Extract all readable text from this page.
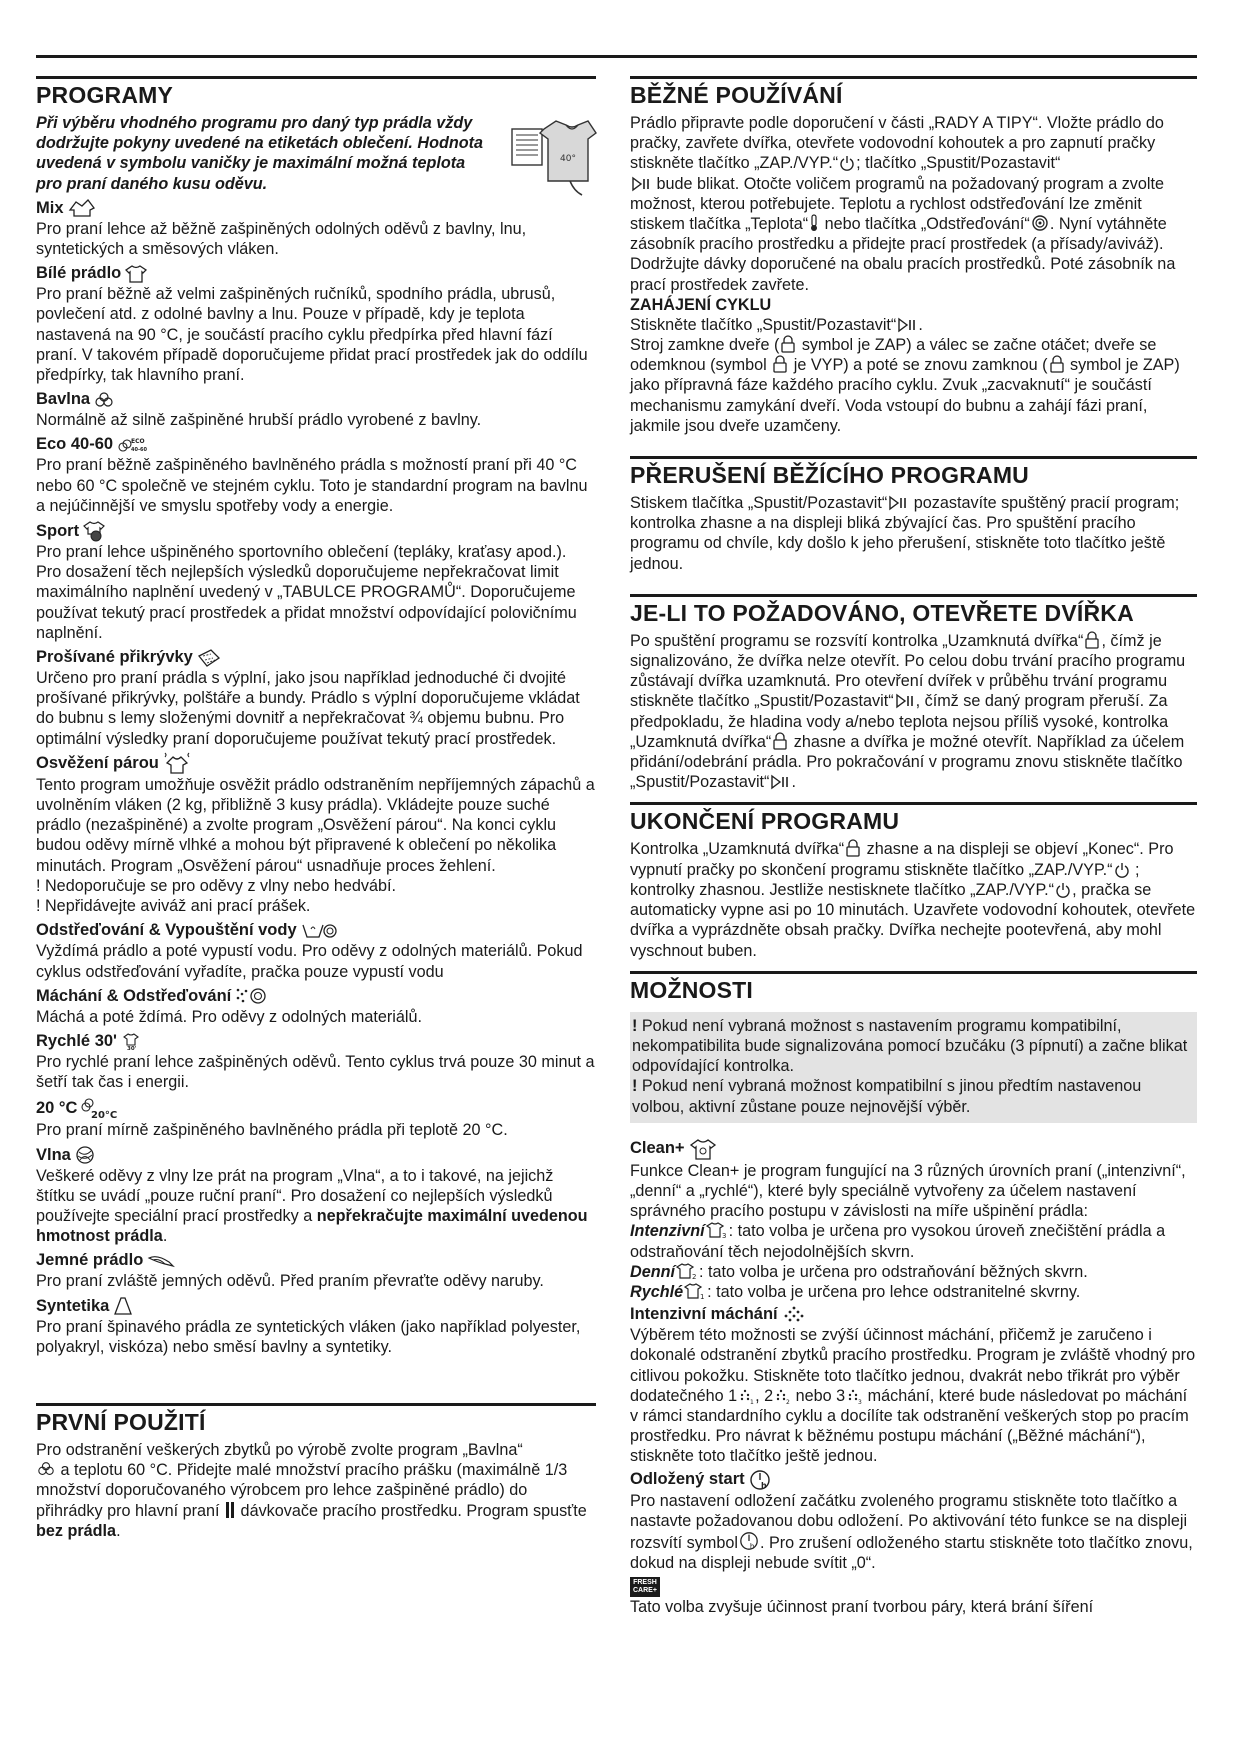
PROGRAMY

Při výběru vhodného programu pro daný typ prádla vždy dodržujte pokyny uvedené na etiketách oblečení. Hodnota uvedená v symbolu vaničky je maximální možná teplota pro praní daného kusu oděvu.

40°
Mix

Pro praní lehce až běžně zašpiněných odolných oděvů z bavlny, lnu, syntetických a směsových vláken.

Bílé prádlo

Pro praní běžně až velmi zašpiněných ručníků, spodního prádla, ubrusů, povlečení atd. z odolné bavlny a lnu. Pouze v případě, kdy je teplota nastavená na 90 °C, je součástí pracího cyklu předpírka před hlavní fází praní. V takovém případě doporučujeme přidat prací prostředek jak do oddílu předpírky, tak hlavního praní.

Bavlna

Normálně až silně zašpiněné hrubší prádlo vyrobené z bavlny.

Eco 40-60	ECO
40-60

Pro praní běžně zašpiněného bavlněného prádla s možností praní při 40 °C nebo 60 °C společně ve stejném cyklu. Toto je standardní program na bavlnu a nejúčinnější ve smyslu spotřeby vody a energie.

Sport

Pro praní lehce ušpiněného sportovního oblečení (tepláky, kraťasy apod.). Pro dosažení těch nejlepších výsledků doporučujeme nepřekračovat limit maximálního naplnění uvedený v „TABULCE PROGRAMŮ“. Doporučujeme používat tekutý prací prostředek a přidat množství odpovídající polovičnímu naplnění.

Prošívané přikrývky

Určeno pro praní prádla s výplní, jako jsou například jednoduché či dvojité prošívané přikrývky, polštáře a bundy. Prádlo s výplní doporučujeme vkládat do bubnu s lemy složenými dovnitř a nepřekračovat ¾ objemu bubnu. Pro optimální výsledky praní doporučujeme používat tekutý prací prostředek.

Osvěžení párou

Tento program umožňuje osvěžit prádlo odstraněním nepříjemných zápachů a uvolněním vláken (2 kg, přibližně 3 kusy prádla). Vkládejte pouze suché prádlo (nezašpiněné) a zvolte program „Osvěžení párou“. Na konci cyklu budou oděvy mírně vlhké a mohou být připravené k oblečení po několika minutách. Program „Osvěžení párou“ usnadňuje proces žehlení.

! Nedoporučuje se pro oděvy z vlny nebo hedvábí.

! Nepřidávejte aviváž ani prací prášek.

Odstřeďování & Vypouštění vody

Vyždímá prádlo a poté vypustí vodu. Pro oděvy z odolných materiálů. Pokud cyklus odstřeďování vyřadíte, pračka pouze vypustí vodu

Máchání & Odstřeďování

Máchá a poté ždímá. Pro oděvy z odolných materiálů.

Rychlé 30' 30'

Pro rychlé praní lehce zašpiněných oděvů. Tento cyklus trvá pouze 30 minut a šetří tak čas i energii.

20 °C 20°C

Pro praní mírně zašpiněného bavlněného prádla při teplotě 20 °C.

Vlna

Veškeré oděvy z vlny lze prát na program „Vlna“, a to i takové, na jejichž štítku se uvádí „pouze ruční praní“. Pro dosažení co nejlepších výsledků používejte speciální prací prostředky a nepřekračujte maximální uvedenou hmotnost prádla.

Jemné prádlo

Pro praní zvláště jemných oděvů. Před praním převraťte oděvy naruby.

Syntetika

Pro praní špinavého prádla ze syntetických vláken (jako například polyester, polyakryl, viskóza) nebo směsí bavlny a syntetiky.

PRVNÍ POUŽITÍ

Pro odstranění veškerých zbytků po výrobě zvolte program „Bavlna“
a teplotu 60 °C. Přidejte malé množství pracího prášku (maximálně 1/3 množství doporučovaného výrobcem pro lehce zašpiněné prádlo) do přihrádky pro hlavní praní  dávkovače pracího prostředku. Program spusťte bez prádla.

BĚŽNÉ POUŽÍVÁNÍ

Prádlo připravte podle doporučení v části „RADY A TIPY“. Vložte prádlo do pračky, zavřete dvířka, otevřete vodovodní kohoutek a pro zapnutí pračky stiskněte tlačítko „ZAP./VYP.“ ; tlačítko „Spustit/Pozastavit“
bude blikat. Otočte voličem programů na požadovaný program a zvolte možnost, kterou potřebujete. Teplotu a rychlost odstřeďování lze změnit stiskem tlačítka „Teplota“ nebo tlačítka „Odstřeďování“ . Nyní vytáhněte zásobník pracího prostředku a přidejte prací prostředek (a přísady/aviváž). Dodržujte dávky doporučené na obalu pracích prostředků. Poté zásobník na prací prostředek zavřete.

ZAHÁJENÍ CYKLU

Stiskněte tlačítko „Spustit/Pozastavit“ .

Stroj zamkne dveře ( symbol je ZAP) a válec se začne otáčet; dveře se odemknou (symbol  je VYP) a poté se znovu zamknou ( symbol je ZAP) jako přípravná fáze každého pracího cyklu. Zvuk „zacvaknutí“ je součástí mechanismu zamykání dveří. Voda vstoupí do bubnu a zahájí fázi praní, jakmile jsou dveře uzamčeny.

PŘERUŠENÍ BĚŽÍCÍHO PROGRAMU

Stiskem tlačítka „Spustit/Pozastavit“ pozastavíte spuštěný pracií program; kontrolka zhasne a na displeji bliká zbývající čas. Pro spuštění pracího programu od chvíle, kdy došlo k jeho přerušení, stiskněte toto tlačítko ještě jednou.

JE-LI TO POŽADOVÁNO, OTEVŘETE DVÍŘKA

Po spuštění programu se rozsvítí kontrolka „Uzamknutá dvířka“ , čímž je signalizováno, že dvířka nelze otevřít. Po celou dobu trvání pracího programu zůstávají dvířka uzamknutá. Pro otevření dvířek v průběhu trvání programu stiskněte tlačítko „Spustit/Pozastavit“ , čímž se daný program přeruší. Za předpokladu, že hladina vody a/nebo teplota nejsou příliš vysoké, kontrolka „Uzamknutá dvířka“ zhasne a dvířka je možné otevřít. Například za účelem přidání/odebrání prádla. Pro pokračování v programu znovu stiskněte tlačítko „Spustit/Pozastavit“ .

UKONČENÍ PROGRAMU

Kontrolka „Uzamknutá dvířka“ zhasne a na displeji se objeví „Konec“. Pro vypnutí pračky po skončení programu stiskněte tlačítko „ZAP./VYP.“ ; kontrolky zhasnou. Jestliže nestisknete tlačítko „ZAP./VYP.“ , pračka se automaticky vypne asi po 10 minutách. Uzavřete vodovodní kohoutek, otevřete dvířka a vyprázdněte obsah pračky. Dvířka nechejte pootevřená, aby mohl vyschnout buben.

MOŽNOSTI

! Pokud není vybraná možnost s nastavením programu kompatibilní, nekompatibilita bude signalizována pomocí bzučáku (3 pípnutí) a začne blikat odpovídající kontrolka.

! Pokud není vybraná možnost kompatibilní s jinou předtím nastavenou volbou, aktivní zůstane pouze nejnovější výběr.

Clean+

Funkce Clean+ je program fungující na 3 různých úrovních praní („intenzivní“, „denní“ a „rychlé“), které byly speciálně vytvořeny za účelem nastavení správného pracího postupu v závislosti na míře ušpinění prádla:

Intenzivní 3 : tato volba je určena pro vysokou úroveň znečištění prádla a odstraňování těch nejodolnějších skvrn.

Denní 2 : tato volba je určena pro odstraňování běžných skvrn.

Rychlé 1 : tato volba je určena pro lehce odstranitelné skvrny.

Intenzivní máchání

Výběrem této možnosti se zvýší účinnost máchání, přičemž je zaručeno i dokonalé odstranění zbytků pracího prostředku. Program je zvláště vhodný pro citlivou pokožku. Stiskněte toto tlačítko jednou, dvakrát nebo třikrát pro výběr dodatečného 1 1 , 2 2 nebo 3 3 máchání, které bude následovat po máchání v rámci standardního cyklu a docílíte tak odstranění veškerých stop po pracím prostředku. Pro návrat k běžnému postupu máchání („Běžné máchání“), stiskněte toto tlačítko ještě jednou.

Odložený start h

Pro nastavení odložení začátku zvoleného programu stiskněte toto tlačítko a nastavte požadovanou dobu odložení. Po aktivování této funkce se na displeji rozsvítí symbol h . Pro zrušení odloženého startu stiskněte toto tlačítko znovu, dokud na displeji nebude svítit „0“.

FRESH
CARE+

Tato volba zvyšuje účinnost praní tvorbou páry, která brání šíření
